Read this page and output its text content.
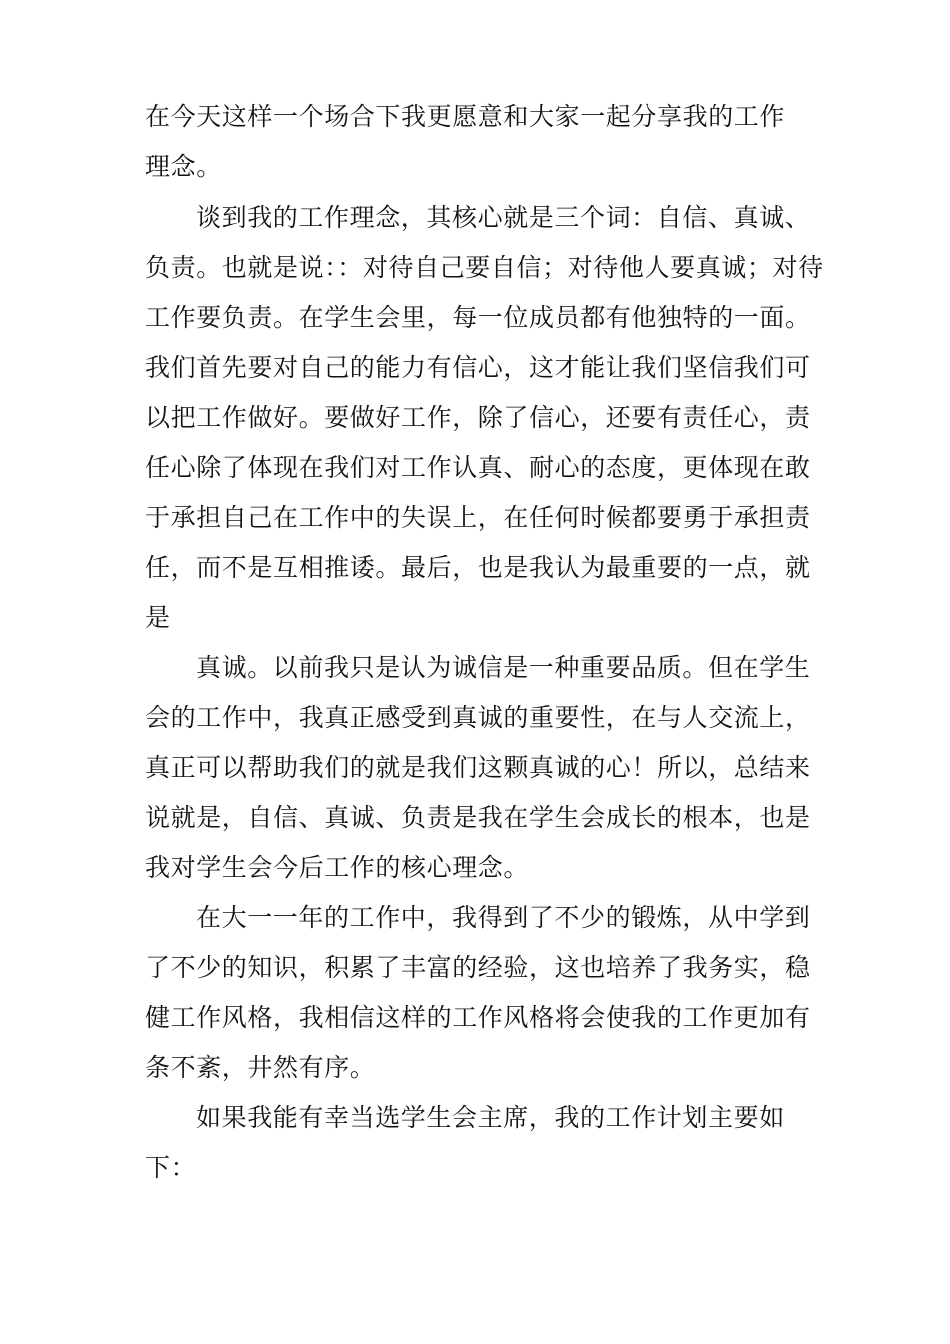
在今天这样一个场合下我更愿意和大家一起分享我的工作
理念。
谈到我的工作理念，其核心就是三个词：自信、真诚、
负责。也就是说：：对待自己要自信；对待他人要真诚；对待
工作要负责。在学生会里，每一位成员都有他独特的一面。
我们首先要对自己的能力有信心，这才能让我们坚信我们可
以把工作做好。要做好工作，除了信心，还要有责任心，责
任心除了体现在我们对工作认真、耐心的态度，更体现在敢
于承担自己在工作中的失误上，在任何时候都要勇于承担责
任，而不是互相推诿。最后，也是我认为最重要的一点，就
是
真诚。以前我只是认为诚信是一种重要品质。但在学生
会的工作中，我真正感受到真诚的重要性，在与人交流上，
真正可以帮助我们的就是我们这颗真诚的心！所以，总结来
说就是，自信、真诚、负责是我在学生会成长的根本，也是
我对学生会今后工作的核心理念。
在大一一年的工作中，我得到了不少的锻炼，从中学到
了不少的知识，积累了丰富的经验，这也培养了我务实，稳
健工作风格，我相信这样的工作风格将会使我的工作更加有
条不紊，井然有序。
如果我能有幸当选学生会主席，我的工作计划主要如
下：
